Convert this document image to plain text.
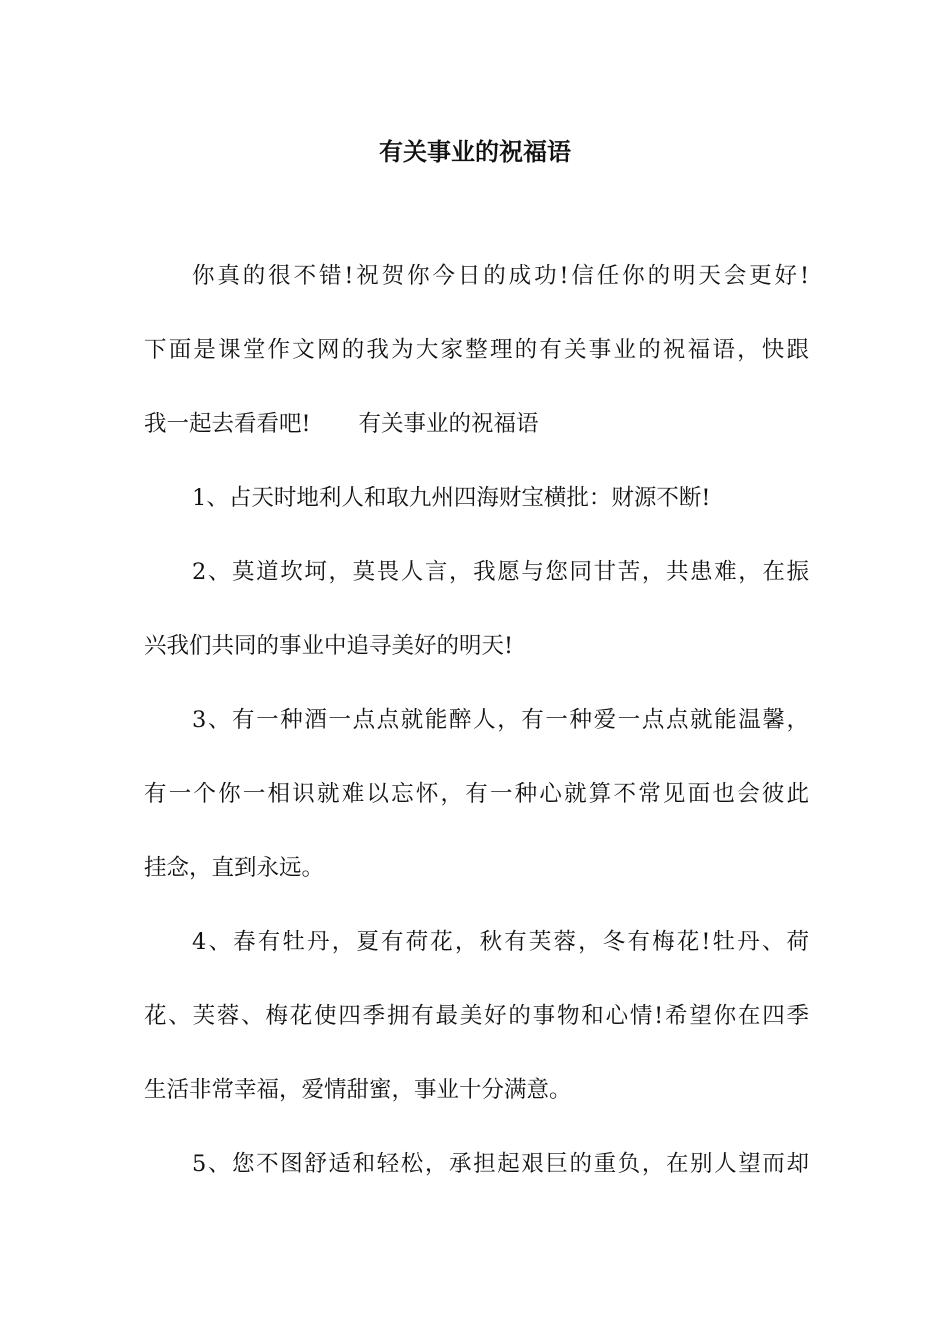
有关事业的祝福语
你真的很不错!祝贺你今日的成功!信任你的明天会更好!
下面是课堂作文网的我为大家整理的有关事业的祝福语，快跟
我一起去看看吧! 有关事业的祝福语
1、占天时地利人和取九州四海财宝横批：财源不断!
2、莫道坎坷，莫畏人言，我愿与您同甘苦，共患难，在振
兴我们共同的事业中追寻美好的明天!
3、有一种酒一点点就能醉人，有一种爱一点点就能温馨，
有一个你一相识就难以忘怀，有一种心就算不常见面也会彼此
挂念，直到永远。
4、春有牡丹，夏有荷花，秋有芙蓉，冬有梅花!牡丹、荷
花、芙蓉、梅花使四季拥有最美好的事物和心情!希望你在四季
生活非常幸福，爱情甜蜜，事业十分满意。
5、您不图舒适和轻松，承担起艰巨的重负，在别人望而却
